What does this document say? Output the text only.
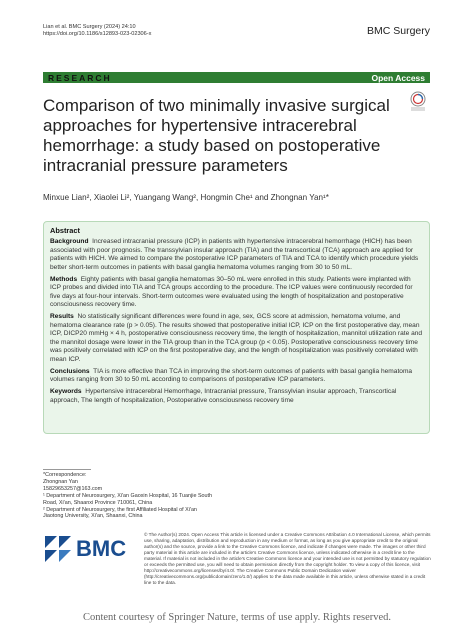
Lian et al. BMC Surgery (2024) 24:10
https://doi.org/10.1186/s12893-023-02306-x	BMC Surgery
RESEARCH	Open Access
Comparison of two minimally invasive surgical approaches for hypertensive intracerebral hemorrhage: a study based on postoperative intracranial pressure parameters
Minxue Lian², Xiaolei Li², Yuangang Wang², Hongmin Che¹ and Zhongnan Yan¹*
Abstract

Background Increased intracranial pressure (ICP) in patients with hypertensive intracerebral hemorrhage (HICH) has been associated with poor prognosis. The transsylvian insular approach (TIA) and the transcortical (TCA) approach are applied for patients with HICH. We aimed to compare the postoperative ICP parameters of TIA and TCA to identify which procedure yields better short-term outcomes in patients with basal ganglia hematoma volumes ranging from 30 to 50 mL.

Methods Eighty patients with basal ganglia hematomas 30–50 mL were enrolled in this study. Patients were implanted with ICP probes and divided into TIA and TCA groups according to the procedure. The ICP values were continuously recorded for five days at four-hour intervals. Short-term outcomes were evaluated using the length of hospitalization and postoperative consciousness recovery time.

Results No statistically significant differences were found in age, sex, GCS score at admission, hematoma volume, and hematoma clearance rate (p > 0.05). The results showed that postoperative initial ICP, ICP on the first postoperative day, mean ICP, DICP20 mmHg × 4 h, postoperative consciousness recovery time, the length of hospitalization, mannitol utilization rate and the mannitol dosage were lower in the TIA group than in the TCA group (p < 0.05). Postoperative consciousness recovery time was positively correlated with ICP on the first postoperative day, and the length of hospitalization was positively correlated with mean ICP.

Conclusions TIA is more effective than TCA in improving the short-term outcomes of patients with basal ganglia hematoma volumes ranging from 30 to 50 mL according to comparisons of postoperative ICP parameters.

Keywords Hypertensive intracerebral Hemorrhage, Intracranial pressure, Transsylvian insular approach, Transcortical approach, The length of hospitalization, Postoperative consciousness recovery time

*Correspondence:
Zhongnan Yan
15829653257@163.com
¹ Department of Neurosurgery, Xi'an Gaoxin Hospital, 16 Tuanjie South
Road, Xi'an, Shaanxi Province 710061, China
² Department of Neurosurgery, the first Affiliated Hospital of Xi'an
Jiaotong University, Xi'an, Shaanxi, China
BMC
© The Author(s) 2024. Open Access This article is licensed under a Creative Commons Attribution 4.0 International License, which permits use, sharing, adaptation, distribution and reproduction in any medium or format, as long as you give appropriate credit to the original author(s) and the source, provide a link to the Creative Commons licence, and indicate if changes were made. The images or other third party material in this article are included in the article's Creative Commons licence, unless indicated otherwise in a credit line to the material. If material is not included in the article's Creative Commons licence and your intended use is not permitted by statutory regulation or exceeds the permitted use, you will need to obtain permission directly from the copyright holder. To view a copy of this licence, visit http://creativecommons.org/licenses/by/4.0/. The Creative Commons Public Domain Dedication waiver (http://creativecommons.org/publicdomain/zero/1.0/) applies to the data made available in this article, unless otherwise stated in a credit line to the data.
Content courtesy of Springer Nature, terms of use apply. Rights reserved.
